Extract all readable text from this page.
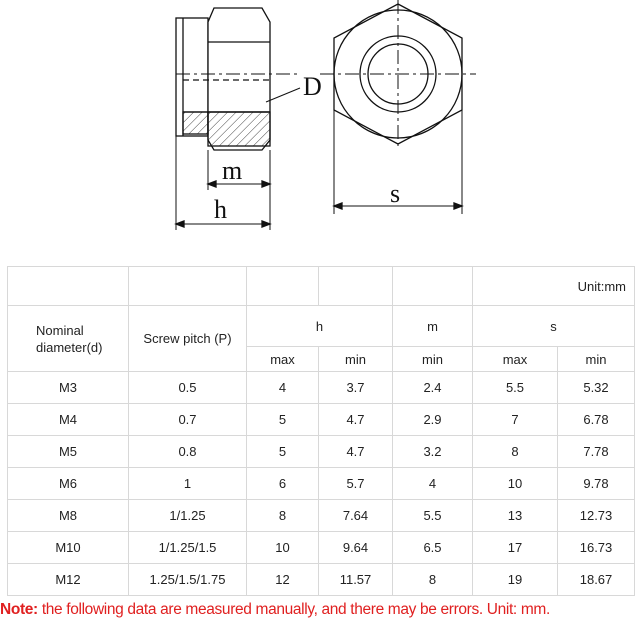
D
m
h
s
					Unit:mm	
Nominal
diameter(d)	Screw pitch (P)	h		m	s	
		max	min	min	max	min
M3	0.5	4	3.7	2.4	5.5	5.32
M4	0.7	5	4.7	2.9	7	6.78
M5	0.8	5	4.7	3.2	8	7.78
M6	1	6	5.7	4	10	9.78
M8	1/1.25	8	7.64	5.5	13	12.73
M10	1/1.25/1.5	10	9.64	6.5	17	16.73
M12	1.25/1.5/1.75	12	11.57	8	19	18.67
Note: the following data are measured manually, and there may be errors. Unit: mm.
